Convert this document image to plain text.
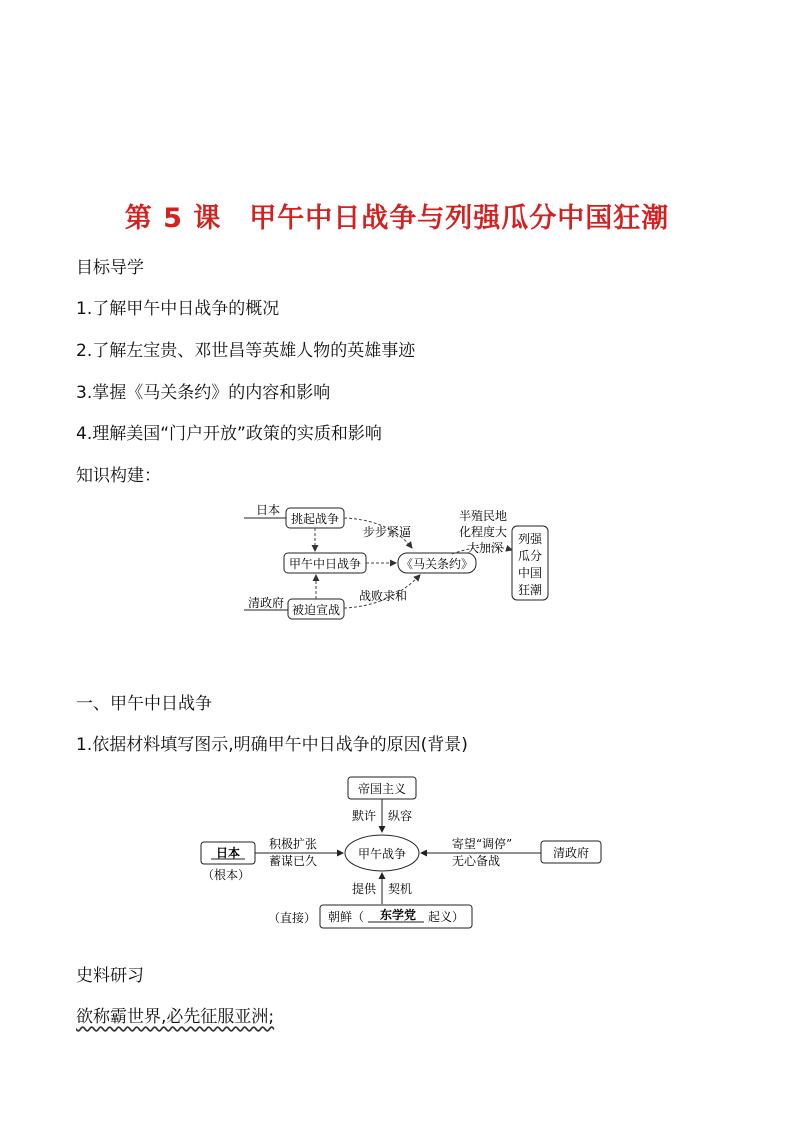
第 5 课　甲午中日战争与列强瓜分中国狂潮
目标导学
1.了解甲午中日战争的概况
2.了解左宝贵、邓世昌等英雄人物的英雄事迹
3.掌握《马关条约》的内容和影响
4.理解美国“门户开放”政策的实质和影响
知识构建：
日本
挑起战争
步步紧逼
甲午中日战争	《马关条约》
清政府 被迫宣战
战败求和
半殖民地
化程度大
大加深
列强
瓜分
中国
狂潮
一、甲午中日战争
1.依据材料填写图示,明确甲午中日战争的原因(背景)
帝国主义
默许 纵容
甲午战争
日本
（根本）
积极扩张
蓄谋已久
清政府
寄望“调停”
无心备战
提供 契机
（直接） 朝鲜（ 东学党 起义）
史料研习
欲称霸世界,必先征服亚洲;
